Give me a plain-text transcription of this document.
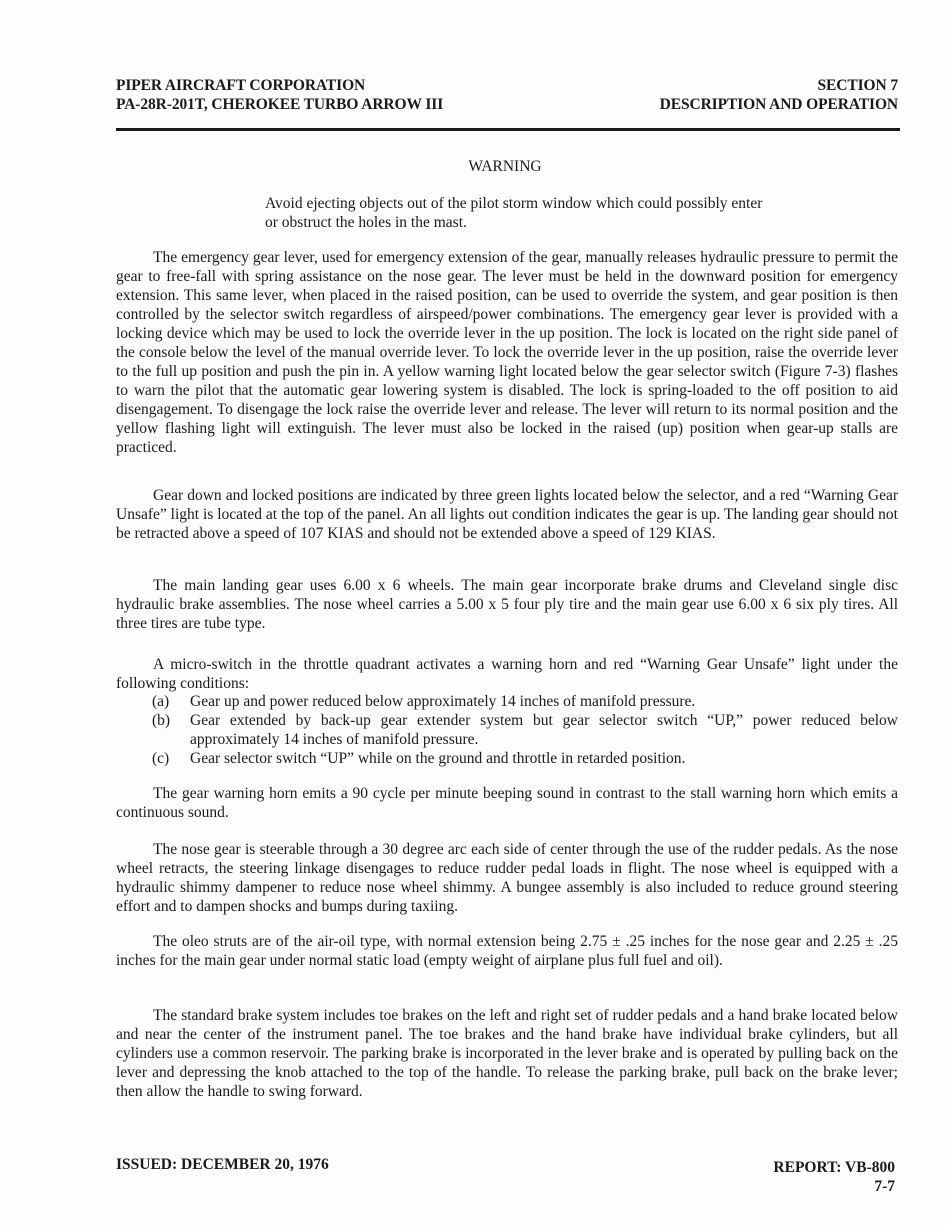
PIPER AIRCRAFT CORPORATION
PA-28R-201T, CHEROKEE TURBO ARROW III
SECTION 7
DESCRIPTION AND OPERATION
WARNING
Avoid ejecting objects out of the pilot storm window which could possibly enter or obstruct the holes in the mast.

The emergency gear lever, used for emergency extension of the gear, manually releases hydraulic pressure to permit the gear to free-fall with spring assistance on the nose gear. The lever must be held in the downward position for emergency extension. This same lever, when placed in the raised position, can be used to override the system, and gear position is then controlled by the selector switch regardless of airspeed/power combinations. The emergency gear lever is provided with a locking device which may be used to lock the override lever in the up position. The lock is located on the right side panel of the console below the level of the manual override lever. To lock the override lever in the up position, raise the override lever to the full up position and push the pin in. A yellow warning light located below the gear selector switch (Figure 7-3) flashes to warn the pilot that the automatic gear lowering system is disabled. The lock is spring-loaded to the off position to aid disengagement. To disengage the lock raise the override lever and release. The lever will return to its normal position and the yellow flashing light will extinguish. The lever must also be locked in the raised (up) position when gear-up stalls are practiced.

Gear down and locked positions are indicated by three green lights located below the selector, and a red “Warning Gear Unsafe” light is located at the top of the panel. An all lights out condition indicates the gear is up. The landing gear should not be retracted above a speed of 107 KIAS and should not be extended above a speed of 129 KIAS.

The main landing gear uses 6.00 x 6 wheels. The main gear incorporate brake drums and Cleveland single disc hydraulic brake assemblies. The nose wheel carries a 5.00 x 5 four ply tire and the main gear use 6.00 x 6 six ply tires. All three tires are tube type.

A micro-switch in the throttle quadrant activates a warning horn and red “Warning Gear Unsafe” light under the following conditions:

(a)	Gear up and power reduced below approximately 14 inches of manifold pressure.
(b)	Gear extended by back-up gear extender system but gear selector switch “UP,” power reduced below approximately 14 inches of manifold pressure.
(c)	Gear selector switch “UP” while on the ground and throttle in retarded position.

The gear warning horn emits a 90 cycle per minute beeping sound in contrast to the stall warning horn which emits a continuous sound.

The nose gear is steerable through a 30 degree arc each side of center through the use of the rudder pedals. As the nose wheel retracts, the steering linkage disengages to reduce rudder pedal loads in flight. The nose wheel is equipped with a hydraulic shimmy dampener to reduce nose wheel shimmy. A bungee assembly is also included to reduce ground steering effort and to dampen shocks and bumps during taxiing.

The oleo struts are of the air-oil type, with normal extension being 2.75 ± .25 inches for the nose gear and 2.25 ± .25 inches for the main gear under normal static load (empty weight of airplane plus full fuel and oil).

The standard brake system includes toe brakes on the left and right set of rudder pedals and a hand brake located below and near the center of the instrument panel. The toe brakes and the hand brake have individual brake cylinders, but all cylinders use a common reservoir. The parking brake is incorporated in the lever brake and is operated by pulling back on the lever and depressing the knob attached to the top of the handle. To release the parking brake, pull back on the brake lever; then allow the handle to swing forward.

ISSUED: DECEMBER 20, 1976	REPORT: VB-800
7-7
